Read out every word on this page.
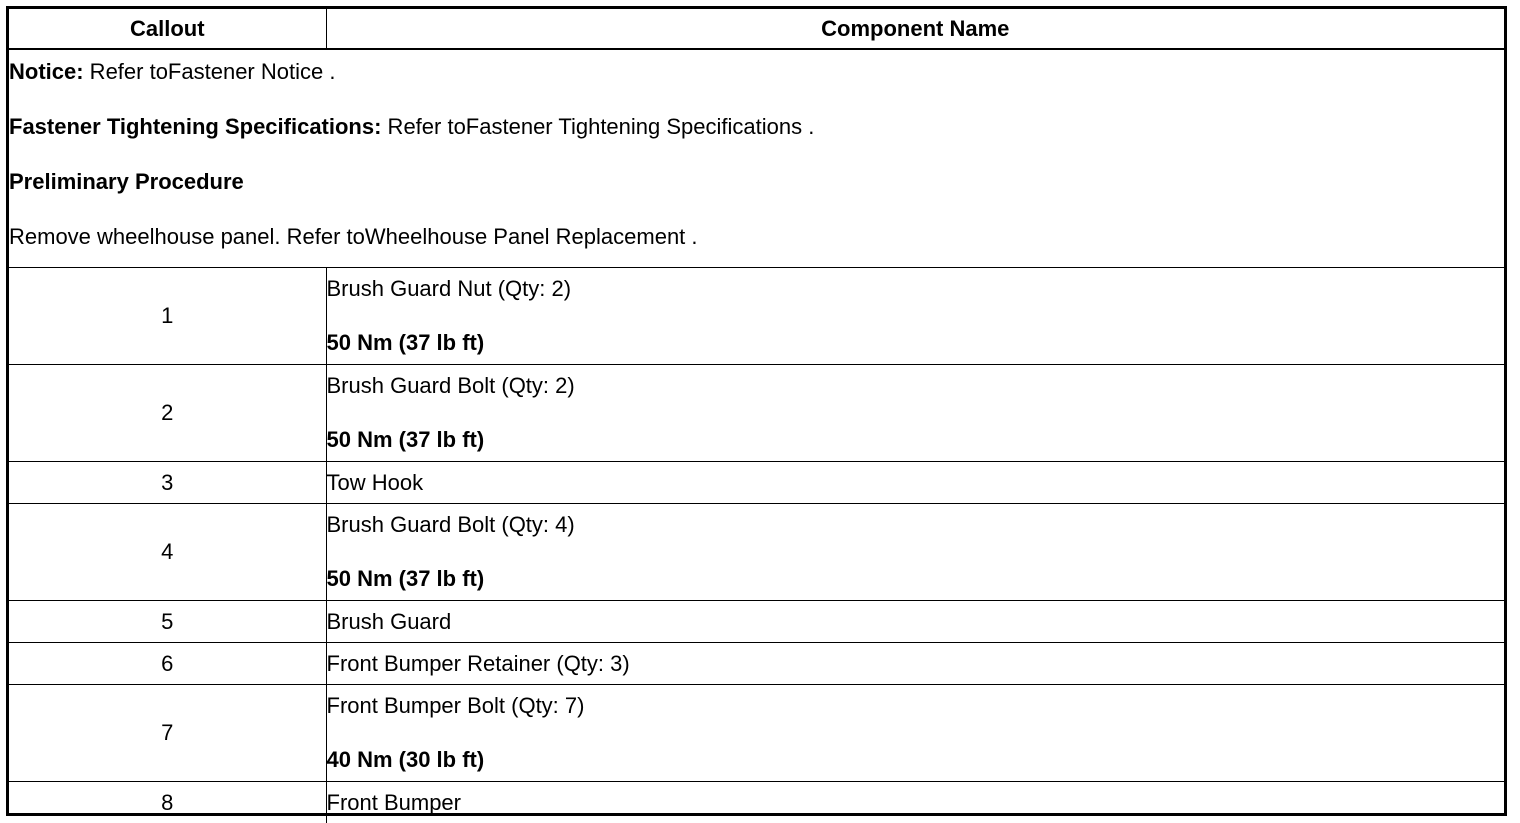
Callout	Component Name

Notice: Refer toFastener Notice .

Fastener Tightening Specifications: Refer toFastener Tightening Specifications .

Preliminary Procedure

Remove wheelhouse panel. Refer toWheelhouse Panel Replacement .	

1	Brush Guard Nut (Qty: 2)
50 Nm (37 lb ft)

2	Brush Guard Bolt (Qty: 2)
50 Nm (37 lb ft)

3	Tow Hook
4	Brush Guard Bolt (Qty: 4)
50 Nm (37 lb ft)

5	Brush Guard
6	Front Bumper Retainer (Qty: 3)
7	Front Bumper Bolt (Qty: 7)
40 Nm (30 lb ft)

8	Front Bumper
